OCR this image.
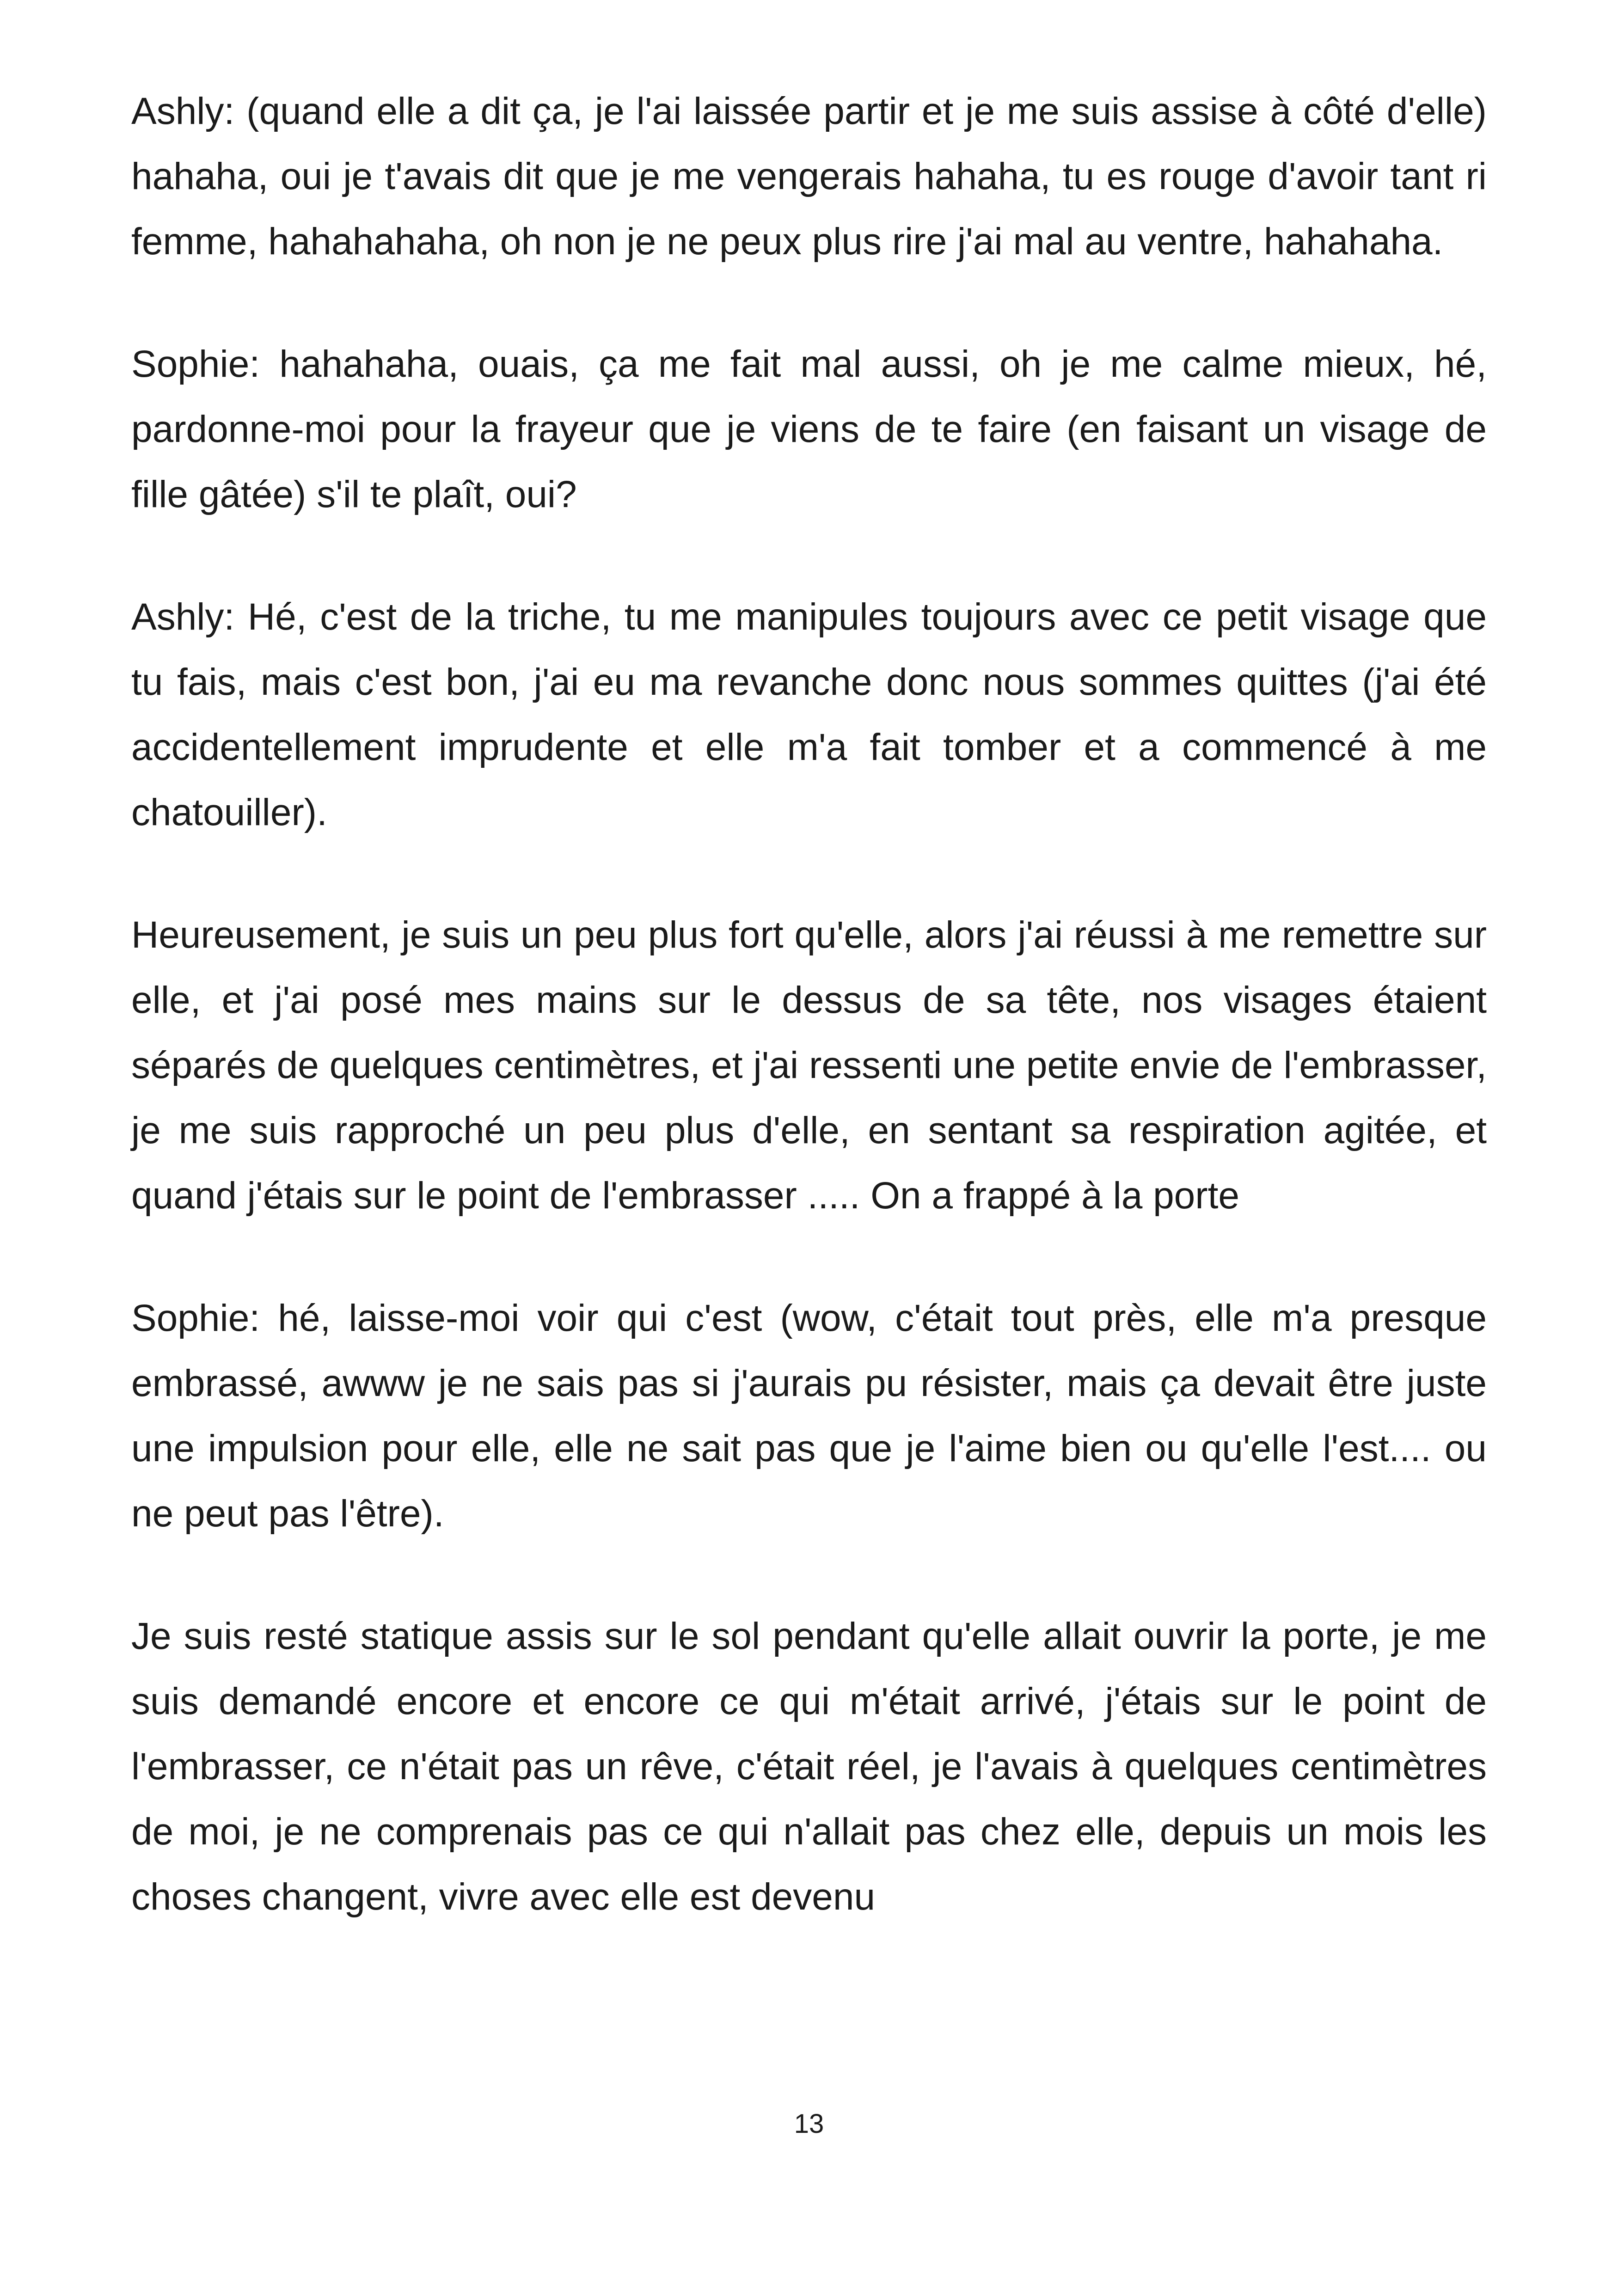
Ashly: (quand elle a dit ça, je l'ai laissée partir et je me suis assise à côté d'elle) hahaha, oui je t'avais dit que je me vengerais hahaha, tu es rouge d'avoir tant ri femme, hahahahaha, oh non je ne peux plus rire j'ai mal au ventre, hahahaha.

Sophie: hahahaha, ouais, ça me fait mal aussi, oh je me calme mieux, hé, pardonne-moi pour la frayeur que je viens de te faire (en faisant un visage de fille gâtée) s'il te plaît, oui?

Ashly: Hé, c'est de la triche, tu me manipules toujours avec ce petit visage que tu fais, mais c'est bon, j'ai eu ma revanche donc nous sommes quittes (j'ai été accidentellement imprudente et elle m'a fait tomber et a commencé à me chatouiller).

Heureusement, je suis un peu plus fort qu'elle, alors j'ai réussi à me remettre sur elle, et j'ai posé mes mains sur le dessus de sa tête, nos visages étaient séparés de quelques centimètres, et j'ai ressenti une petite envie de l'embrasser, je me suis rapproché un peu plus d'elle, en sentant sa respiration agitée, et quand j'étais sur le point de l'embrasser ..... On a frappé à la porte

Sophie: hé, laisse-moi voir qui c'est (wow, c'était tout près, elle m'a presque embrassé, awww je ne sais pas si j'aurais pu résister, mais ça devait être juste une impulsion pour elle, elle ne sait pas que je l'aime bien ou qu'elle l'est.... ou ne peut pas l'être).

Je suis resté statique assis sur le sol pendant qu'elle allait ouvrir la porte, je me suis demandé encore et encore ce qui m'était arrivé, j'étais sur le point de l'embrasser, ce n'était pas un rêve, c'était réel, je l'avais à quelques centimètres de moi, je ne comprenais pas ce qui n'allait pas chez elle, depuis un mois les choses changent, vivre avec elle est devenu

13
